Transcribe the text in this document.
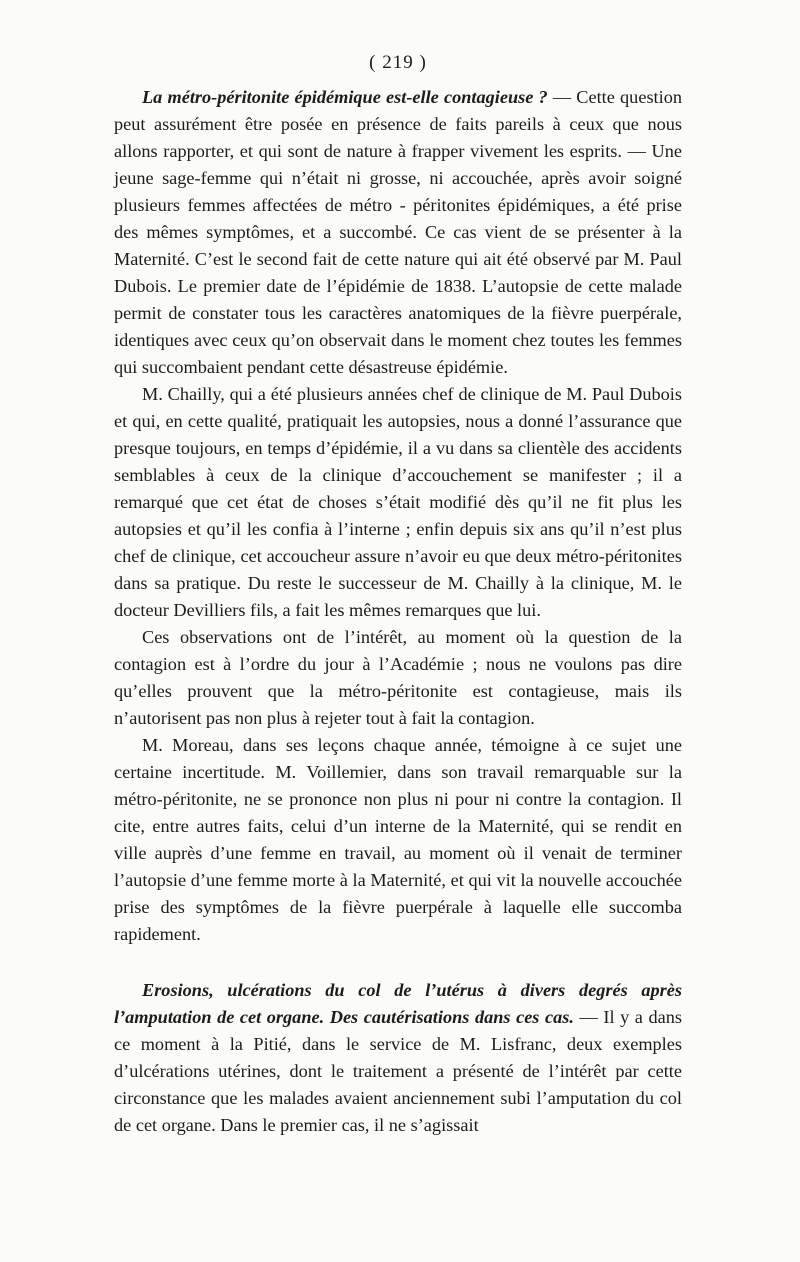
( 219 )

La métro-péritonite épidémique est-elle contagieuse ? — Cette question peut assurément être posée en présence de faits pareils à ceux que nous allons rapporter, et qui sont de nature à frapper vivement les esprits. — Une jeune sage-femme qui n’était ni grosse, ni accouchée, après avoir soigné plusieurs femmes affectées de métro - péritonites épidémiques, a été prise des mêmes symptômes, et a succombé. Ce cas vient de se présenter à la Maternité. C’est le second fait de cette nature qui ait été observé par M. Paul Dubois. Le premier date de l’épidémie de 1838. L’autopsie de cette malade permit de constater tous les caractères anatomiques de la fièvre puerpérale, identiques avec ceux qu’on observait dans le moment chez toutes les femmes qui succombaient pendant cette désastreuse épidémie.

M. Chailly, qui a été plusieurs années chef de clinique de M. Paul Dubois et qui, en cette qualité, pratiquait les autopsies, nous a donné l’assurance que presque toujours, en temps d’épidémie, il a vu dans sa clientèle des accidents semblables à ceux de la clinique d’accouchement se manifester ; il a remarqué que cet état de choses s’était modifié dès qu’il ne fit plus les autopsies et qu’il les confia à l’interne ; enfin depuis six ans qu’il n’est plus chef de clinique, cet accoucheur assure n’avoir eu que deux métro-péritonites dans sa pratique. Du reste le successeur de M. Chailly à la clinique, M. le docteur Devilliers fils, a fait les mêmes remarques que lui.

Ces observations ont de l’intérêt, au moment où la question de la contagion est à l’ordre du jour à l’Académie ; nous ne voulons pas dire qu’elles prouvent que la métro-péritonite est contagieuse, mais ils n’autorisent pas non plus à rejeter tout à fait la contagion.

M. Moreau, dans ses leçons chaque année, témoigne à ce sujet une certaine incertitude. M. Voillemier, dans son travail remarquable sur la métro-péritonite, ne se prononce non plus ni pour ni contre la contagion. Il cite, entre autres faits, celui d’un interne de la Maternité, qui se rendit en ville auprès d’une femme en travail, au moment où il venait de terminer l’autopsie d’une femme morte à la Maternité, et qui vit la nouvelle accouchée prise des symptômes de la fièvre puerpérale à laquelle elle succomba rapidement.

Erosions, ulcérations du col de l’utérus à divers degrés après l’amputation de cet organe. Des cautérisations dans ces cas. — Il y a dans ce moment à la Pitié, dans le service de M. Lisfranc, deux exemples d’ulcérations utérines, dont le traitement a présenté de l’intérêt par cette circonstance que les malades avaient anciennement subi l’amputation du col de cet organe. Dans le premier cas, il ne s’agissait
